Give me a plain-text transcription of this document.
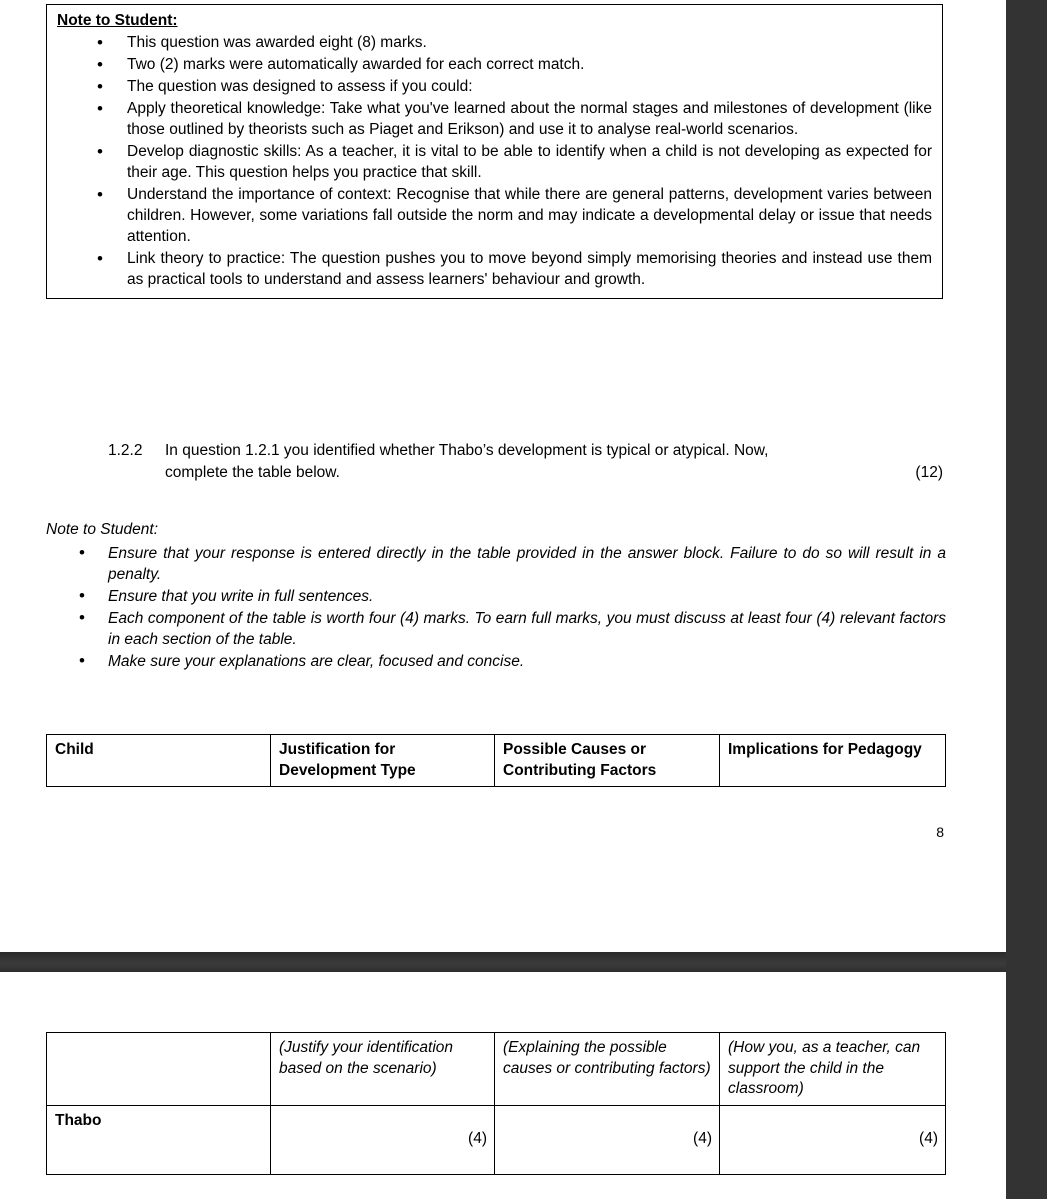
Note to Student:
• This question was awarded eight (8) marks.
• Two (2) marks were automatically awarded for each correct match.
• The question was designed to assess if you could:
• Apply theoretical knowledge: Take what you've learned about the normal stages and milestones of development (like those outlined by theorists such as Piaget and Erikson) and use it to analyse real-world scenarios.
• Develop diagnostic skills: As a teacher, it is vital to be able to identify when a child is not developing as expected for their age. This question helps you practice that skill.
• Understand the importance of context: Recognise that while there are general patterns, development varies between children. However, some variations fall outside the norm and may indicate a developmental delay or issue that needs attention.
• Link theory to practice: The question pushes you to move beyond simply memorising theories and instead use them as practical tools to understand and assess learners' behaviour and growth.
1.2.2	In question 1.2.1 you identified whether Thabo’s development is typical or atypical. Now,
complete the table below.	(12)
Note to Student:
• Ensure that your response is entered directly in the table provided in the answer block. Failure to do so will result in a penalty.
• Ensure that you write in full sentences.
• Each component of the table is worth four (4) marks. To earn full marks, you must discuss at least four (4) relevant factors in each section of the table.
• Make sure your explanations are clear, focused and concise.
Child	Justification for Development Type	Possible Causes or Contributing Factors	Implications for Pedagogy
8
	(Justify your identification based on the scenario)	(Explaining the possible causes or contributing factors)	(How you, as a teacher, can support the child in the classroom)
Thabo	(4)	(4)	(4)
